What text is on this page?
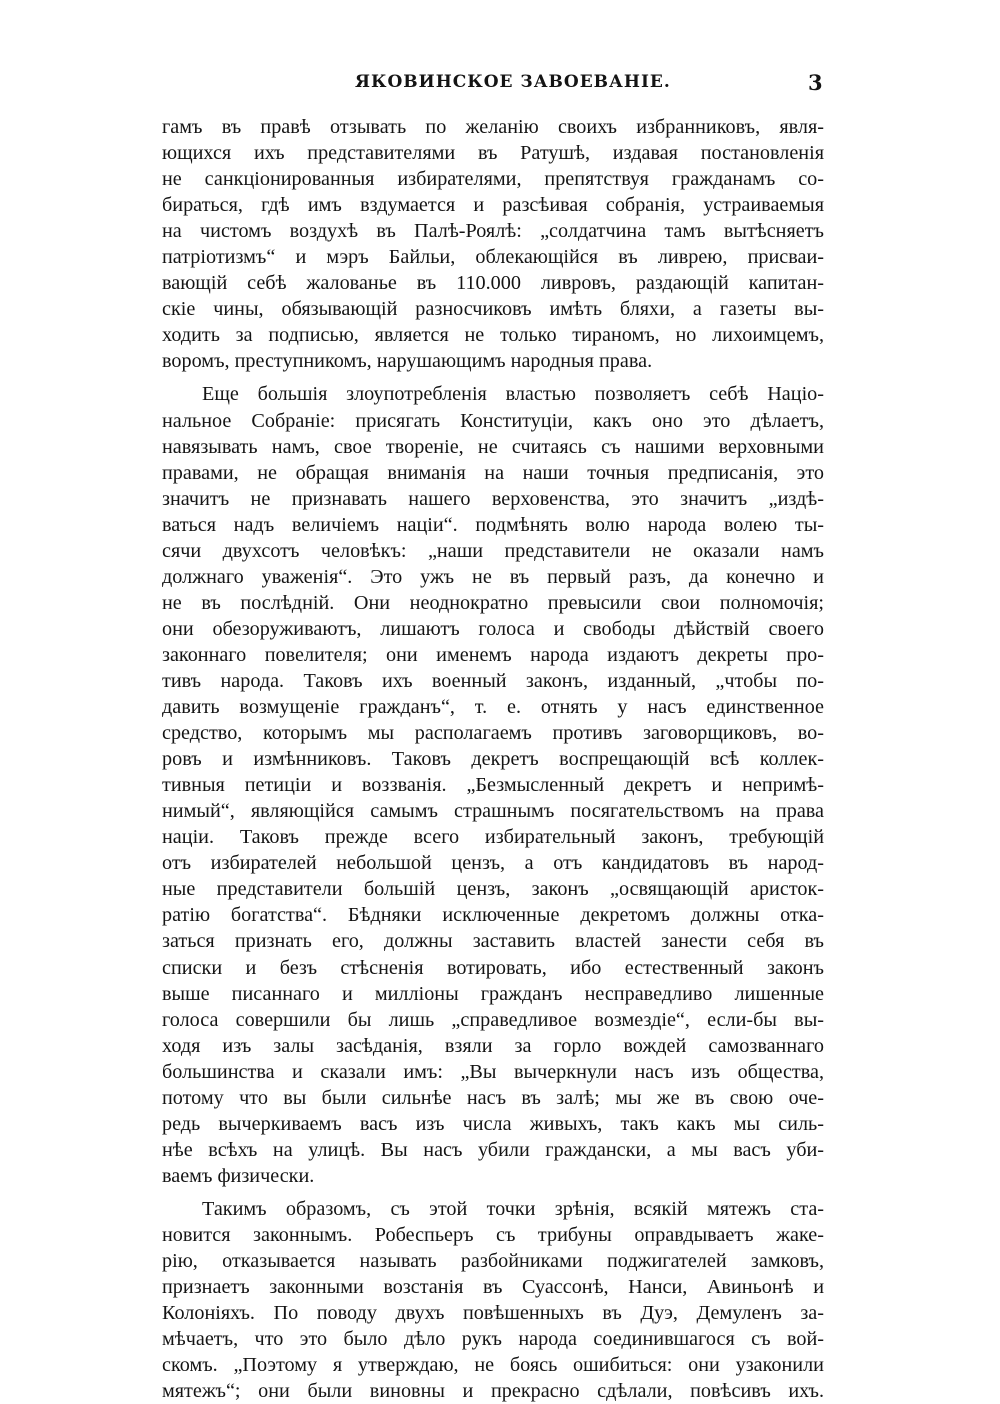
ЯКОВИНСКОЕ ЗАВОЕВАНІЕ.	3
гамъ въ правѣ отзывать по желанію своихъ избранниковъ, явля-
ющихся ихъ представителями въ Ратушѣ, издавая постановленія
не санкціонированныя избирателями, препятствуя гражданамъ со-
бираться, гдѣ имъ вздумается и разсѣивая собранія, устраиваемыя
на чистомъ воздухѣ въ Палѣ-Роялѣ: „солдатчина тамъ вытѣсняетъ
патріотизмъ“ и мэръ Байльи, облекающійся въ ливрею, присваи-
вающій себѣ жалованье въ 110.000 ливровъ, раздающій капитан-
скіе чины, обязывающій разносчиковъ имѣть бляхи, а газеты вы-
ходить за подписью, является не только тираномъ, но лихоимцемъ,
воромъ, преступникомъ, нарушающимъ народныя права.
Еще большія злоупотребленія властью позволяетъ себѣ Націо-
нальное Собраніе: присягать Конституціи, какъ оно это дѣлаетъ,
навязывать намъ, свое твореніе, не считаясь съ нашими верховными
правами, не обращая вниманія на наши точныя предписанія, это
значитъ не признавать нашего верховенства, это значитъ „издѣ-
ваться надъ величіемъ націи“. подмѣнять волю народа волею ты-
сячи двухсотъ человѣкъ: „наши представители не оказали намъ
должнаго уваженія“. Это ужъ не въ первый разъ, да конечно и
не въ послѣдній. Они неоднократно превысили свои полномочія;
они обезоруживаютъ, лишаютъ голоса и свободы дѣйствій своего
законнаго повелителя; они именемъ народа издаютъ декреты про-
тивъ народа. Таковъ ихъ военный законъ, изданный, „чтобы по-
давить возмущеніе гражданъ“, т. е. отнять у насъ единственное
средство, которымъ мы располагаемъ противъ заговорщиковъ, во-
ровъ и измѣнниковъ. Таковъ декретъ воспрещающій всѣ коллек-
тивныя петиціи и воззванія. „Безмысленный декретъ и непримѣ-
нимый“, являющійся самымъ страшнымъ посягательствомъ на права
націи. Таковъ прежде всего избирательный законъ, требующій
отъ избирателей небольшой цензъ, а отъ кандидатовъ въ народ-
ные представители большій цензъ, законъ „освящающій аристок-
ратію богатства“. Бѣдняки исключенные декретомъ должны отка-
заться признать его, должны заставить властей занести себя въ
списки и безъ стѣсненія вотировать, ибо естественный законъ
выше писаннаго и милліоны гражданъ несправедливо лишенные
голоса совершили бы лишь „справедливое возмездіе“, если-бы вы-
ходя изъ залы засѣданія, взяли за горло вождей самозваннаго
большинства и сказали имъ: „Вы вычеркнули насъ изъ общества,
потому что вы были сильнѣе насъ въ залѣ; мы же въ свою оче-
редь вычеркиваемъ васъ изъ числа живыхъ, такъ какъ мы силь-
нѣе всѣхъ на улицѣ. Вы насъ убили граждански, а мы васъ уби-
ваемъ физически.
Такимъ образомъ, съ этой точки зрѣнія, всякій мятежъ ста-
новится законнымъ. Робеспьеръ съ трибуны оправдываетъ жаке-
рію, отказывается называть разбойниками поджигателей замковъ,
признаетъ законными возстанія въ Суассонѣ, Нанси, Авиньонѣ и
Колоніяхъ. По поводу двухъ повѣшенныхъ въ Дуэ, Демуленъ за-
мѣчаетъ, что это было дѣло рукъ народа соединившагося съ вой-
скомъ. „Поэтому я утверждаю, не боясь ошибиться: они узаконили
мятежъ“; они были виновны и прекрасно сдѣлали, повѣсивъ ихъ.
